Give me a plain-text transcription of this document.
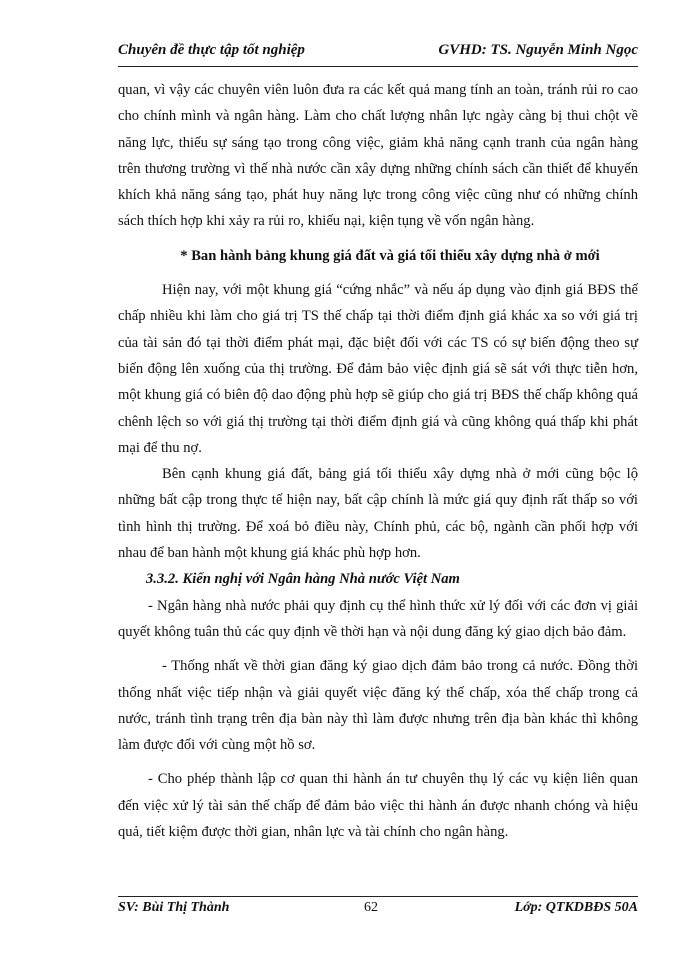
Chuyên đề thực tập tốt nghiệp	GVHD: TS. Nguyễn Minh Ngọc

quan, vì vậy các chuyên viên luôn đưa ra các kết quả mang tính an toàn, tránh rủi ro cao cho chính mình và ngân hàng. Làm cho chất lượng nhân lực ngày càng bị thui chột về năng lực, thiếu sự sáng tạo trong công việc, giảm khả năng cạnh tranh của ngân hàng trên thương trường vì thế nhà nước cần xây dựng những chính sách cần thiết để khuyến khích khả năng sáng tạo, phát huy năng lực trong công việc cũng như có những chính sách thích hợp khi xảy ra rủi ro, khiếu nại, kiện tụng về vốn ngân hàng.

* Ban hành bảng khung giá đất và giá tối thiểu xây dựng nhà ở mới

Hiện nay, với một khung giá “cứng nhắc” và nếu áp dụng vào định giá BĐS thế chấp nhiều khi làm cho giá trị TS thế chấp tại thời điểm định giá khác xa so với giá trị của tài sản đó tại thời điểm phát mại, đặc biệt đối với các TS có sự biến động theo sự biến động lên xuống của thị trường. Để đảm bảo việc định giá sẽ sát với thực tiễn hơn, một khung giá có biên độ dao động phù hợp sẽ giúp cho giá trị BĐS thế chấp không quá chênh lệch so với giá thị trường tại thời điểm định giá và cũng không quá thấp khi phát mại để thu nợ.

Bên cạnh khung giá đất, bảng giá tối thiểu xây dựng nhà ở mới cũng bộc lộ những bất cập trong thực tế hiện nay, bất cập chính là mức giá quy định rất thấp so với tình hình thị trường. Để xoá bỏ điều này, Chính phủ, các bộ, ngành cần phối hợp với nhau để ban hành một khung giá khác phù hợp hơn.

3.3.2. Kiến nghị với Ngân hàng Nhà nước Việt Nam

- Ngân hàng nhà nước phải quy định cụ thể hình thức xử lý đối với các đơn vị giải quyết không tuân thủ các quy định về thời hạn và nội dung đăng ký giao dịch bảo đảm.

- Thống nhất về thời gian đăng ký giao dịch đảm bảo trong cả nước. Đồng thời thống nhất việc tiếp nhận và giải quyết việc đăng ký thế chấp, xóa thế chấp trong cả nước, tránh tình trạng trên địa bàn này thì làm được nhưng trên địa bàn khác thì không làm được đối với cùng một hồ sơ.

- Cho phép thành lập cơ quan thi hành án tư chuyên thụ lý các vụ kiện liên quan đến việc xử lý tài sản thế chấp để đảm bảo việc thi hành án được nhanh chóng và hiệu quả, tiết kiệm được thời gian, nhân lực và tài chính cho ngân hàng.

SV: Bùi Thị Thành	62	Lớp: QTKDBĐS 50A
